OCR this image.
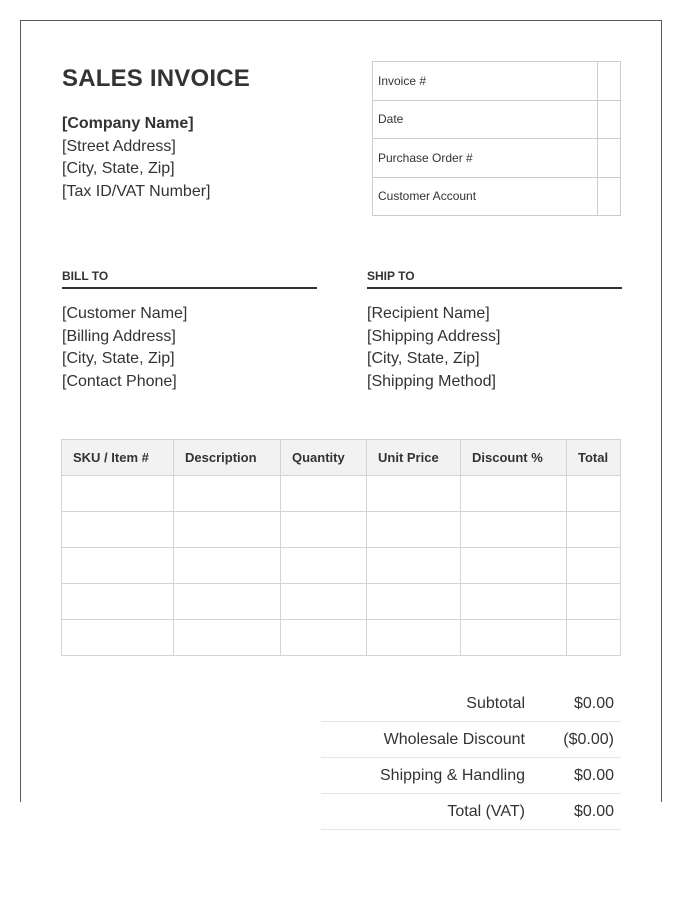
SALES INVOICE
[Company Name]
[Street Address]
[City, State, Zip]
[Tax ID/VAT Number]
Invoice #	
Date	
Purchase Order #	
Customer Account	
BILL TO	SHIP TO
[Customer Name]
[Billing Address]
[City, State, Zip]
[Contact Phone]
[Recipient Name]
[Shipping Address]
[City, State, Zip]
[Shipping Method]
SKU / Item #	Description	Quantity	Unit Price	Discount %	Total

Subtotal	$0.00
Wholesale Discount	($0.00)
Shipping & Handling	$0.00
Total (VAT)	$0.00
